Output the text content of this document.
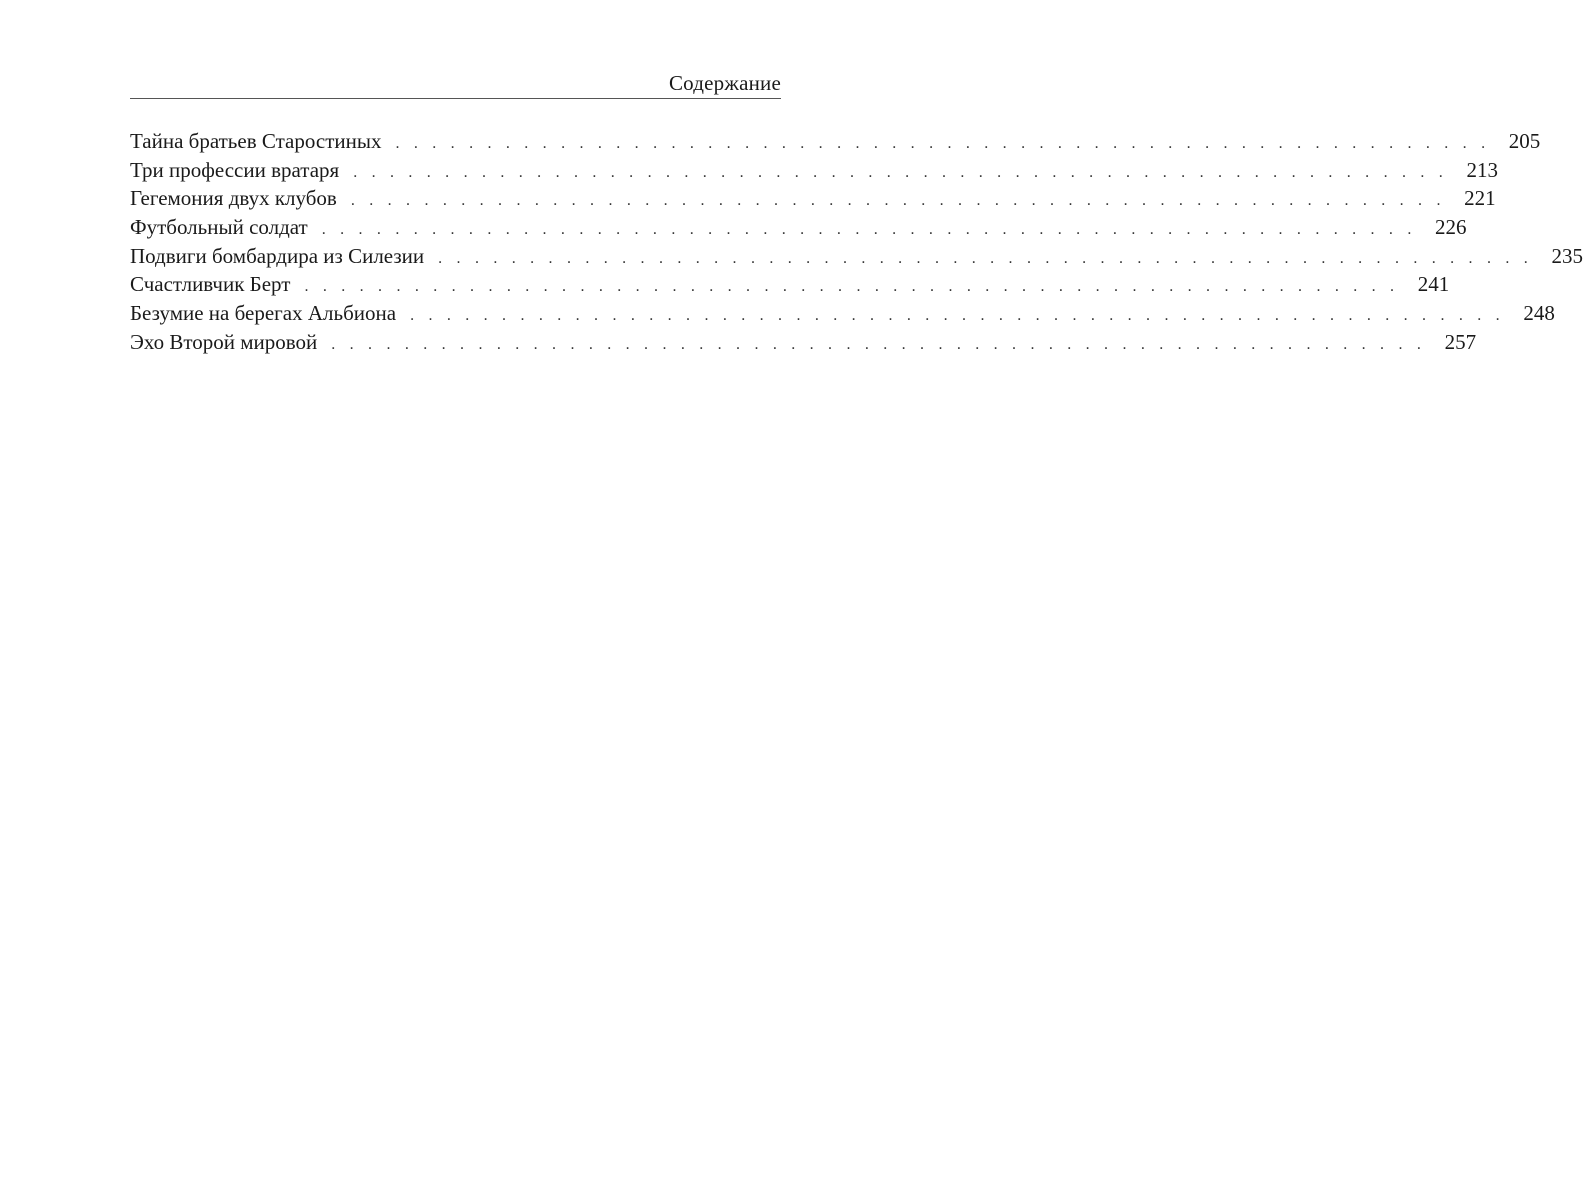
Содержание
Тайна братьев Старостиных . . . . . . . . . . . . . . . . . . . . . . . . . . . . . . . . . . . . . . . . . . . . . . . . . . . . . . . . . . . . 205
Три профессии вратаря . . . . . . . . . . . . . . . . . . . . . . . . . . . . . . . . . . . . . . . . . . . . . . . . . . . . . . . . . . . . 213
Гегемония двух клубов . . . . . . . . . . . . . . . . . . . . . . . . . . . . . . . . . . . . . . . . . . . . . . . . . . . . . . . . . . . . 221
Футбольный солдат . . . . . . . . . . . . . . . . . . . . . . . . . . . . . . . . . . . . . . . . . . . . . . . . . . . . . . . . . . . . 226
Подвиги бомбардира из Силезии . . . . . . . . . . . . . . . . . . . . . . . . . . . . . . . . . . . . . . . . . . . . . . . . . . . . . . . . . . . . 235
Счастливчик Берт . . . . . . . . . . . . . . . . . . . . . . . . . . . . . . . . . . . . . . . . . . . . . . . . . . . . . . . . . . . . 241
Безумие на берегах Альбиона . . . . . . . . . . . . . . . . . . . . . . . . . . . . . . . . . . . . . . . . . . . . . . . . . . . . . . . . . . . . 248
Эхо Второй мировой . . . . . . . . . . . . . . . . . . . . . . . . . . . . . . . . . . . . . . . . . . . . . . . . . . . . . . . . . . . . 257
